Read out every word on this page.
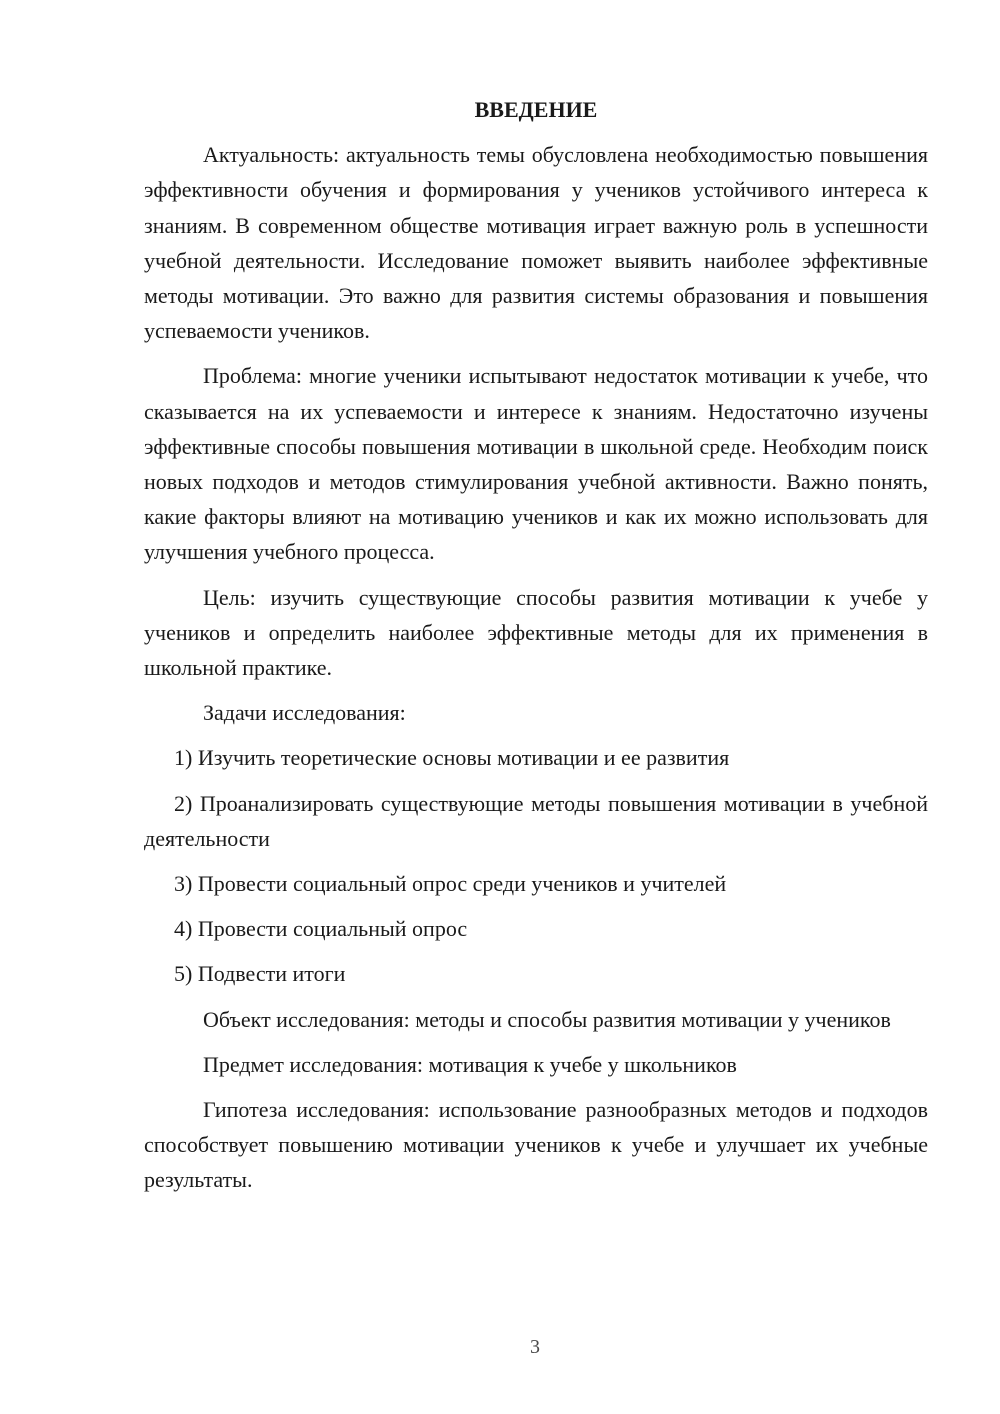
ВВЕДЕНИЕ

Актуальность: актуальность темы обусловлена необходимостью повышения эффективности обучения и формирования у учеников устойчивого интереса к знаниям. В современном обществе мотивация играет важную роль в успешности учебной деятельности. Исследование поможет выявить наиболее эффективные методы мотивации. Это важно для развития системы образования и повышения успеваемости учеников.

Проблема: многие ученики испытывают недостаток мотивации к учебе, что сказывается на их успеваемости и интересе к знаниям. Недостаточно изучены эффективные способы повышения мотивации в школьной среде. Необходим поиск новых подходов и методов стимулирования учебной активности. Важно понять, какие факторы влияют на мотивацию учеников и как их можно использовать для улучшения учебного процесса.

Цель: изучить существующие способы развития мотивации к учебе у учеников и определить наиболее эффективные методы для их применения в школьной практике.

Задачи исследования:

1) Изучить теоретические основы мотивации и ее развития

2) Проанализировать существующие методы повышения мотивации в учебной деятельности

3) Провести социальный опрос среди учеников и учителей

4) Провести социальный опрос

5) Подвести итоги

Объект исследования: методы и способы развития мотивации у учеников

Предмет исследования: мотивация к учебе у школьников

Гипотеза исследования: использование разнообразных методов и подходов способствует повышению мотивации учеников к учебе и улучшает их учебные результаты.

3
